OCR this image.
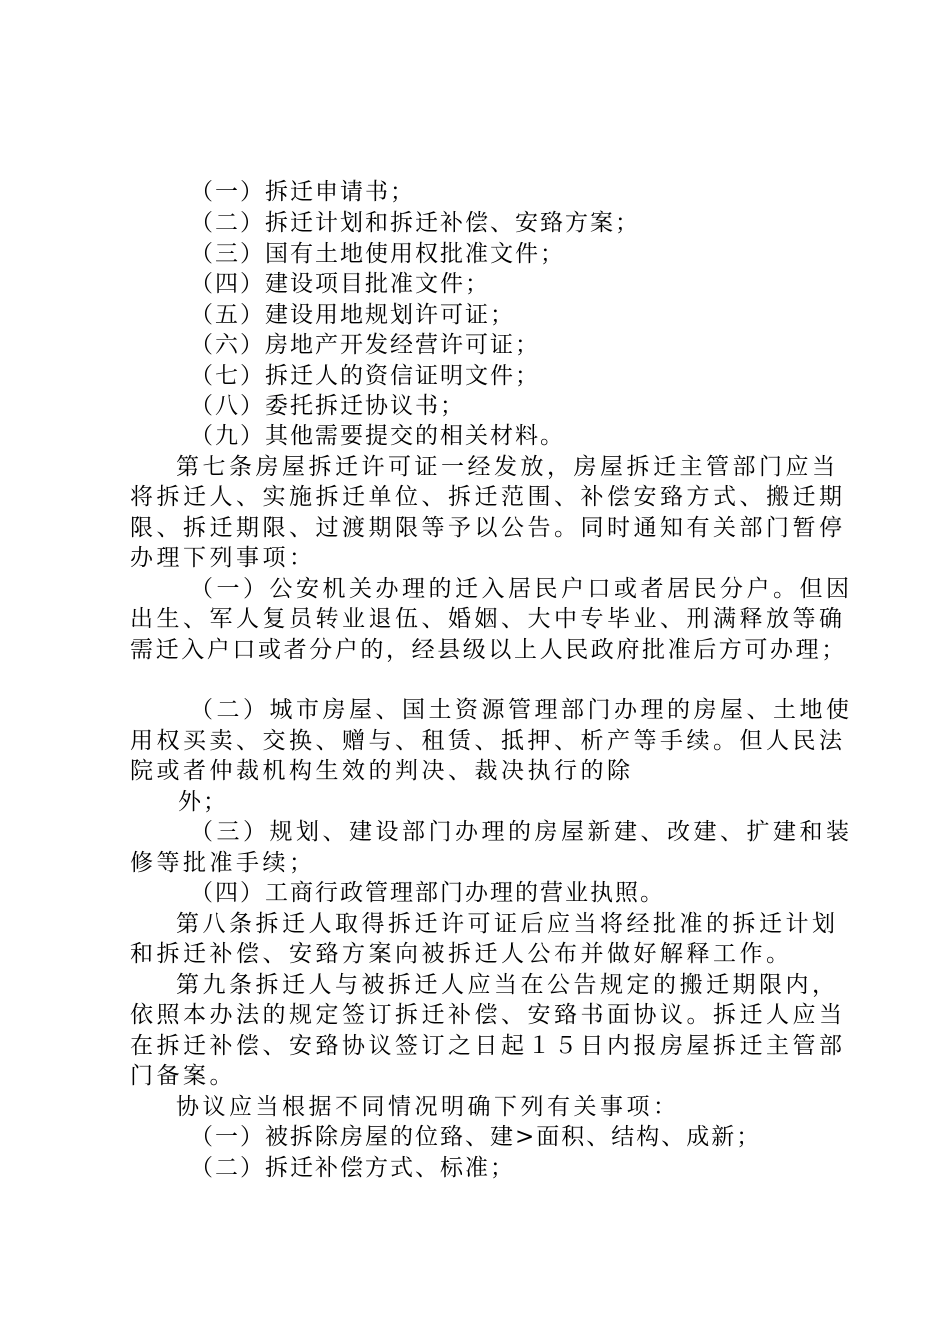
（一）拆迁申请书；
（二）拆迁计划和拆迁补偿、安臵方案；
（三）国有土地使用权批准文件；
（四）建设项目批准文件；
（五）建设用地规划许可证；
（六）房地产开发经营许可证；
（七）拆迁人的资信证明文件；
（八）委托拆迁协议书；
（九）其他需要提交的相关材料。
第七条房屋拆迁许可证一经发放，房屋拆迁主管部门应当
将拆迁人、实施拆迁单位、拆迁范围、补偿安臵方式、搬迁期
限、拆迁期限、过渡期限等予以公告。同时通知有关部门暂停
办理下列事项：
（一）公安机关办理的迁入居民户口或者居民分户。但因
出生、军人复员转业退伍、婚姻、大中专毕业、刑满释放等确
需迁入户口或者分户的，经县级以上人民政府批准后方可办理；
（二）城市房屋、国土资源管理部门办理的房屋、土地使
用权买卖、交换、赠与、租赁、抵押、析产等手续。但人民法
院或者仲裁机构生效的判决、裁决执行的除
外；
（三）规划、建设部门办理的房屋新建、改建、扩建和装
修等批准手续；
（四）工商行政管理部门办理的营业执照。
第八条拆迁人取得拆迁许可证后应当将经批准的拆迁计划
和拆迁补偿、安臵方案向被拆迁人公布并做好解释工作。
第九条拆迁人与被拆迁人应当在公告规定的搬迁期限内，
依照本办法的规定签订拆迁补偿、安臵书面协议。拆迁人应当
在拆迁补偿、安臵协议签订之日起１５日内报房屋拆迁主管部
门备案。
协议应当根据不同情况明确下列有关事项：
（一）被拆除房屋的位臵、建>面积、结构、成新；
（二）拆迁补偿方式、标准；
